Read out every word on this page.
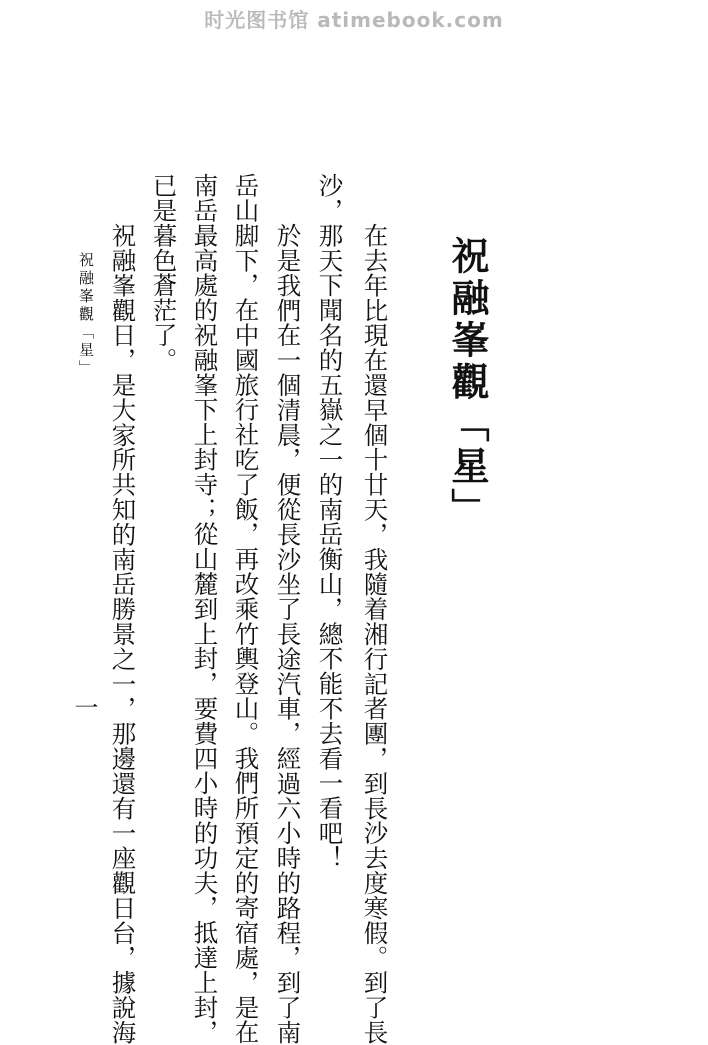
时光图书馆 atimebook.com
祝融峯觀「星」
在去年比現在還早個十廿天，我隨着湘行記者團，到長沙去度寒假。到了長
沙，那天下聞名的五嶽之一的南岳衡山，總不能不去看一看吧！
於是我們在一個清晨，便從長沙坐了長途汽車，經過六小時的路程，到了南
岳山脚下，在中國旅行社吃了飯，再改乘竹輿登山。我們所預定的寄宿處，是在
南岳最高處的祝融峯下上封寺；從山麓到上封，要費四小時的功夫，抵達上封，
已是暮色蒼茫了。
祝融峯觀日，是大家所共知的南岳勝景之一，那邊還有一座觀日台，據說海
祝融峯觀「星」
一
